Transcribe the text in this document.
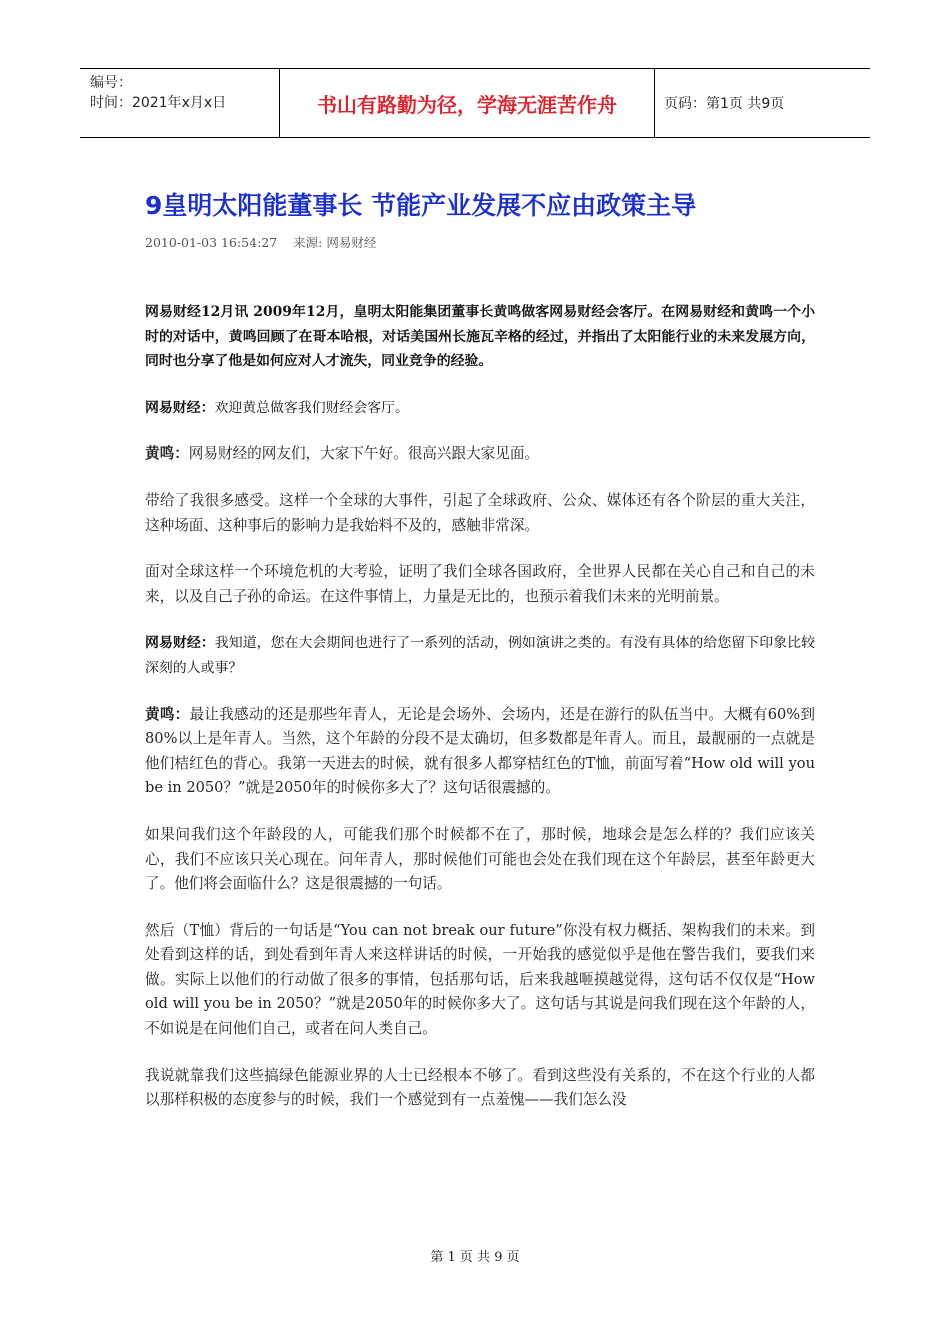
编号：
时间：2021年x月x日	书山有路勤为径，学海无涯苦作舟	页码：第1页 共9页
9皇明太阳能董事长 节能产业发展不应由政策主导
2010-01-03 16:54:27 来源: 网易财经

网易财经12月讯 2009年12月，皇明太阳能集团董事长黄鸣做客网易财经会客厅。在网易财经和黄鸣一个小时的对话中，黄鸣回顾了在哥本哈根，对话美国州长施瓦辛格的经过，并指出了太阳能行业的未来发展方向，同时也分享了他是如何应对人才流失，同业竞争的经验。

网易财经：欢迎黄总做客我们财经会客厅。

黄鸣：网易财经的网友们，大家下午好。很高兴跟大家见面。

带给了我很多感受。这样一个全球的大事件，引起了全球政府、公众、媒体还有各个阶层的重大关注，这种场面、这种事后的影响力是我始料不及的，感触非常深。

面对全球这样一个环境危机的大考验，证明了我们全球各国政府，全世界人民都在关心自己和自己的未来，以及自己子孙的命运。在这件事情上，力量是无比的，也预示着我们未来的光明前景。

网易财经：我知道，您在大会期间也进行了一系列的活动，例如演讲之类的。有没有具体的给您留下印象比较深刻的人或事？

黄鸣：最让我感动的还是那些年青人，无论是会场外、会场内，还是在游行的队伍当中。大概有60%到80%以上是年青人。当然，这个年龄的分段不是太确切，但多数都是年青人。而且，最靓丽的一点就是他们桔红色的背心。我第一天进去的时候，就有很多人都穿桔红色的T恤，前面写着“How old will you be in 2050？”就是2050年的时候你多大了？这句话很震撼的。

如果问我们这个年龄段的人，可能我们那个时候都不在了，那时候，地球会是怎么样的？我们应该关心，我们不应该只关心现在。问年青人，那时候他们可能也会处在我们现在这个年龄层，甚至年龄更大了。他们将会面临什么？这是很震撼的一句话。

然后（T恤）背后的一句话是“You can not break our future”你没有权力概括、架构我们的未来。到处看到这样的话，到处看到年青人来这样讲话的时候，一开始我的感觉似乎是他在警告我们，要我们来做。实际上以他们的行动做了很多的事情，包括那句话，后来我越咂摸越觉得，这句话不仅仅是“How old will you be in 2050？”就是2050年的时候你多大了。这句话与其说是问我们现在这个年龄的人，不如说是在问他们自己，或者在问人类自己。

我说就靠我们这些搞绿色能源业界的人士已经根本不够了。看到这些没有关系的，不在这个行业的人都以那样积极的态度参与的时候，我们一个感觉到有一点羞愧——我们怎么没

第 1 页 共 9 页
